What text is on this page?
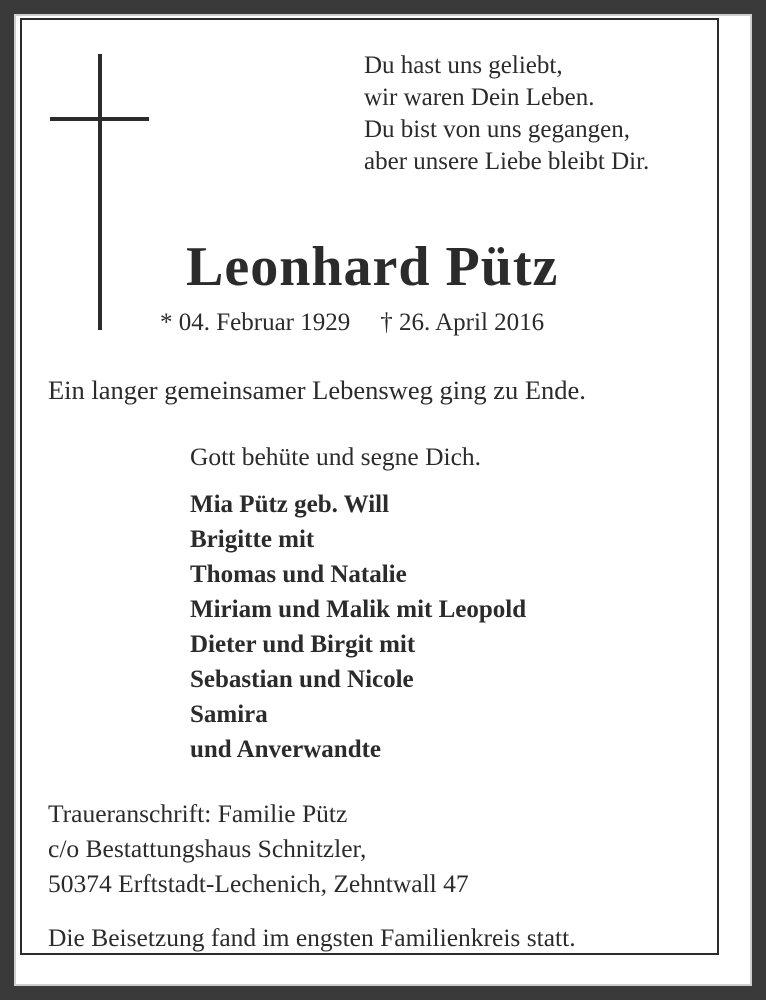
Du hast uns geliebt,
wir waren Dein Leben.
Du bist von uns gegangen,
aber unsere Liebe bleibt Dir.
Leonhard Pütz
* 04. Februar 1929 † 26. April 2016
Ein langer gemeinsamer Lebensweg ging zu Ende.
Gott behüte und segne Dich.
Mia Pütz geb. Will
Brigitte mit
Thomas und Natalie
Miriam und Malik mit Leopold
Dieter und Birgit mit
Sebastian und Nicole
Samira
und Anverwandte
Traueranschrift: Familie Pütz
c/o Bestattungshaus Schnitzler,
50374 Erftstadt-Lechenich, Zehntwall 47
Die Beisetzung fand im engsten Familienkreis statt.
